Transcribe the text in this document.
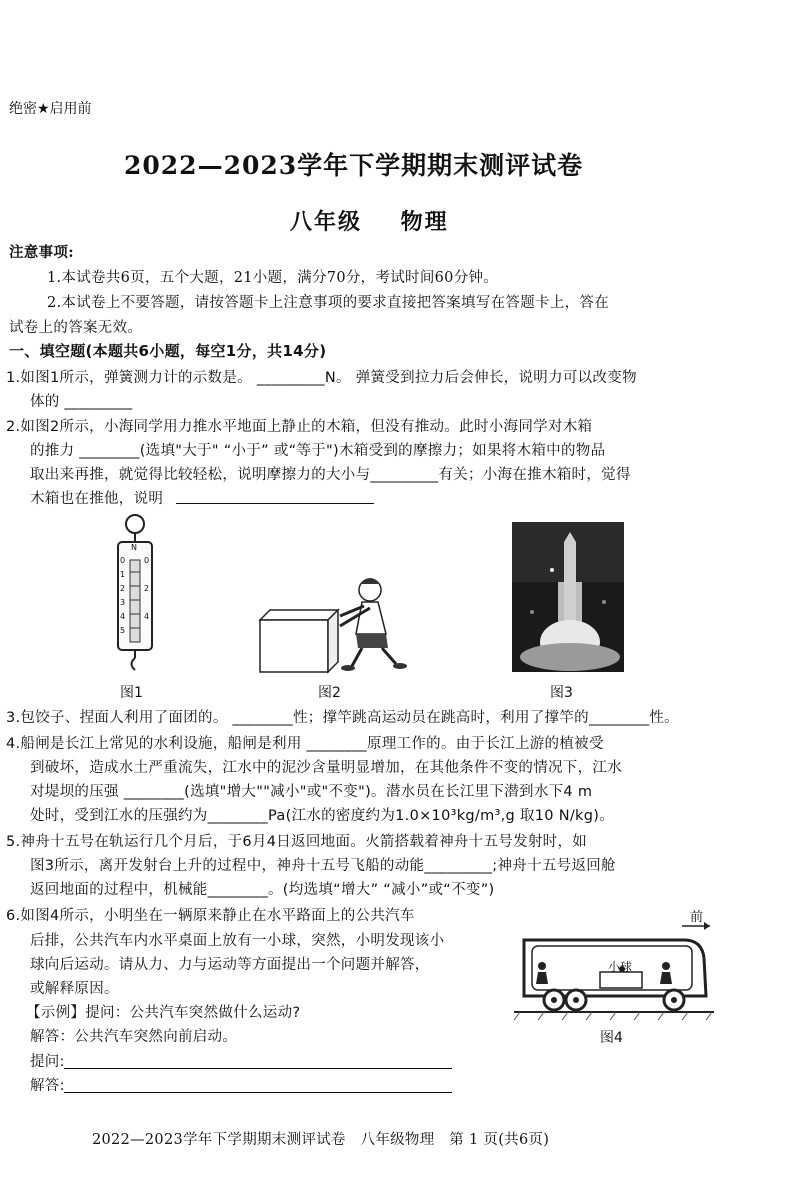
绝密★启用前
2022—2023学年下学期期末测评试卷
八年级    物理
注意事项:
1.本试卷共6页，五个大题，21小题，满分70分，考试时间60分钟。
2.本试卷上不要答题，请按答题卡上注意事项的要求直接把答案填写在答题卡上，答在
试卷上的答案无效。
一、填空题(本题共6小题，每空1分，共14分)
1.如图1所示，弹簧测力计的示数是。 _________N。 弹簧受到拉力后会伸长，说明力可以改变物
体的 _________
2.如图2所示，小海同学用力推水平地面上静止的木箱，但没有推动。此时小海同学对木箱
的推力 ________(选填"大于" “小于” 或“等于")木箱受到的摩擦力；如果将木箱中的物品
取出来再推，就觉得比较轻松，说明摩擦力的大小与_________有关；小海在推木箱时，觉得
木箱也在推他，说明
N
0
1
2
3
4
5
0
2
4
图1	图2	图3
3.包饺子、捏面人利用了面团的。 ________性；撑竿跳高运动员在跳高时，利用了撑竿的________性。
4.船闸是长江上常见的水利设施，船闸是利用 ________原理工作的。由于长江上游的植被受
到破坏，造成水土严重流失，江水中的泥沙含量明显增加，在其他条件不变的情况下，江水
对堤坝的压强 ________(选填"增大""减小"或"不变")。潜水员在长江里下潜到水下4 m
处时，受到江水的压强约为________Pa(江水的密度约为1.0×10³kg/m³,g 取10 N/kg)。
5.神舟十五号在轨运行几个月后，于6月4日返回地面。火箭搭载着神舟十五号发射时，如
图3所示，离开发射台上升的过程中，神舟十五号飞船的动能_________;神舟十五号返回舱
返回地面的过程中，机械能________。(均选填“增大” “减小”或“不变”)
6.如图4所示，小明坐在一辆原来静止在水平路面上的公共汽车
后排，公共汽车内水平桌面上放有一小球，突然，小明发现该小
球向后运动。请从力、力与运动等方面提出一个问题并解答，
或解释原因。
【示例】提问：公共汽车突然做什么运动?
解答：公共汽车突然向前启动。
提问:
解答:
前
小球
图4
2022—2023学年下学期期末测评试卷   八年级物理   第 1 页(共6页)
